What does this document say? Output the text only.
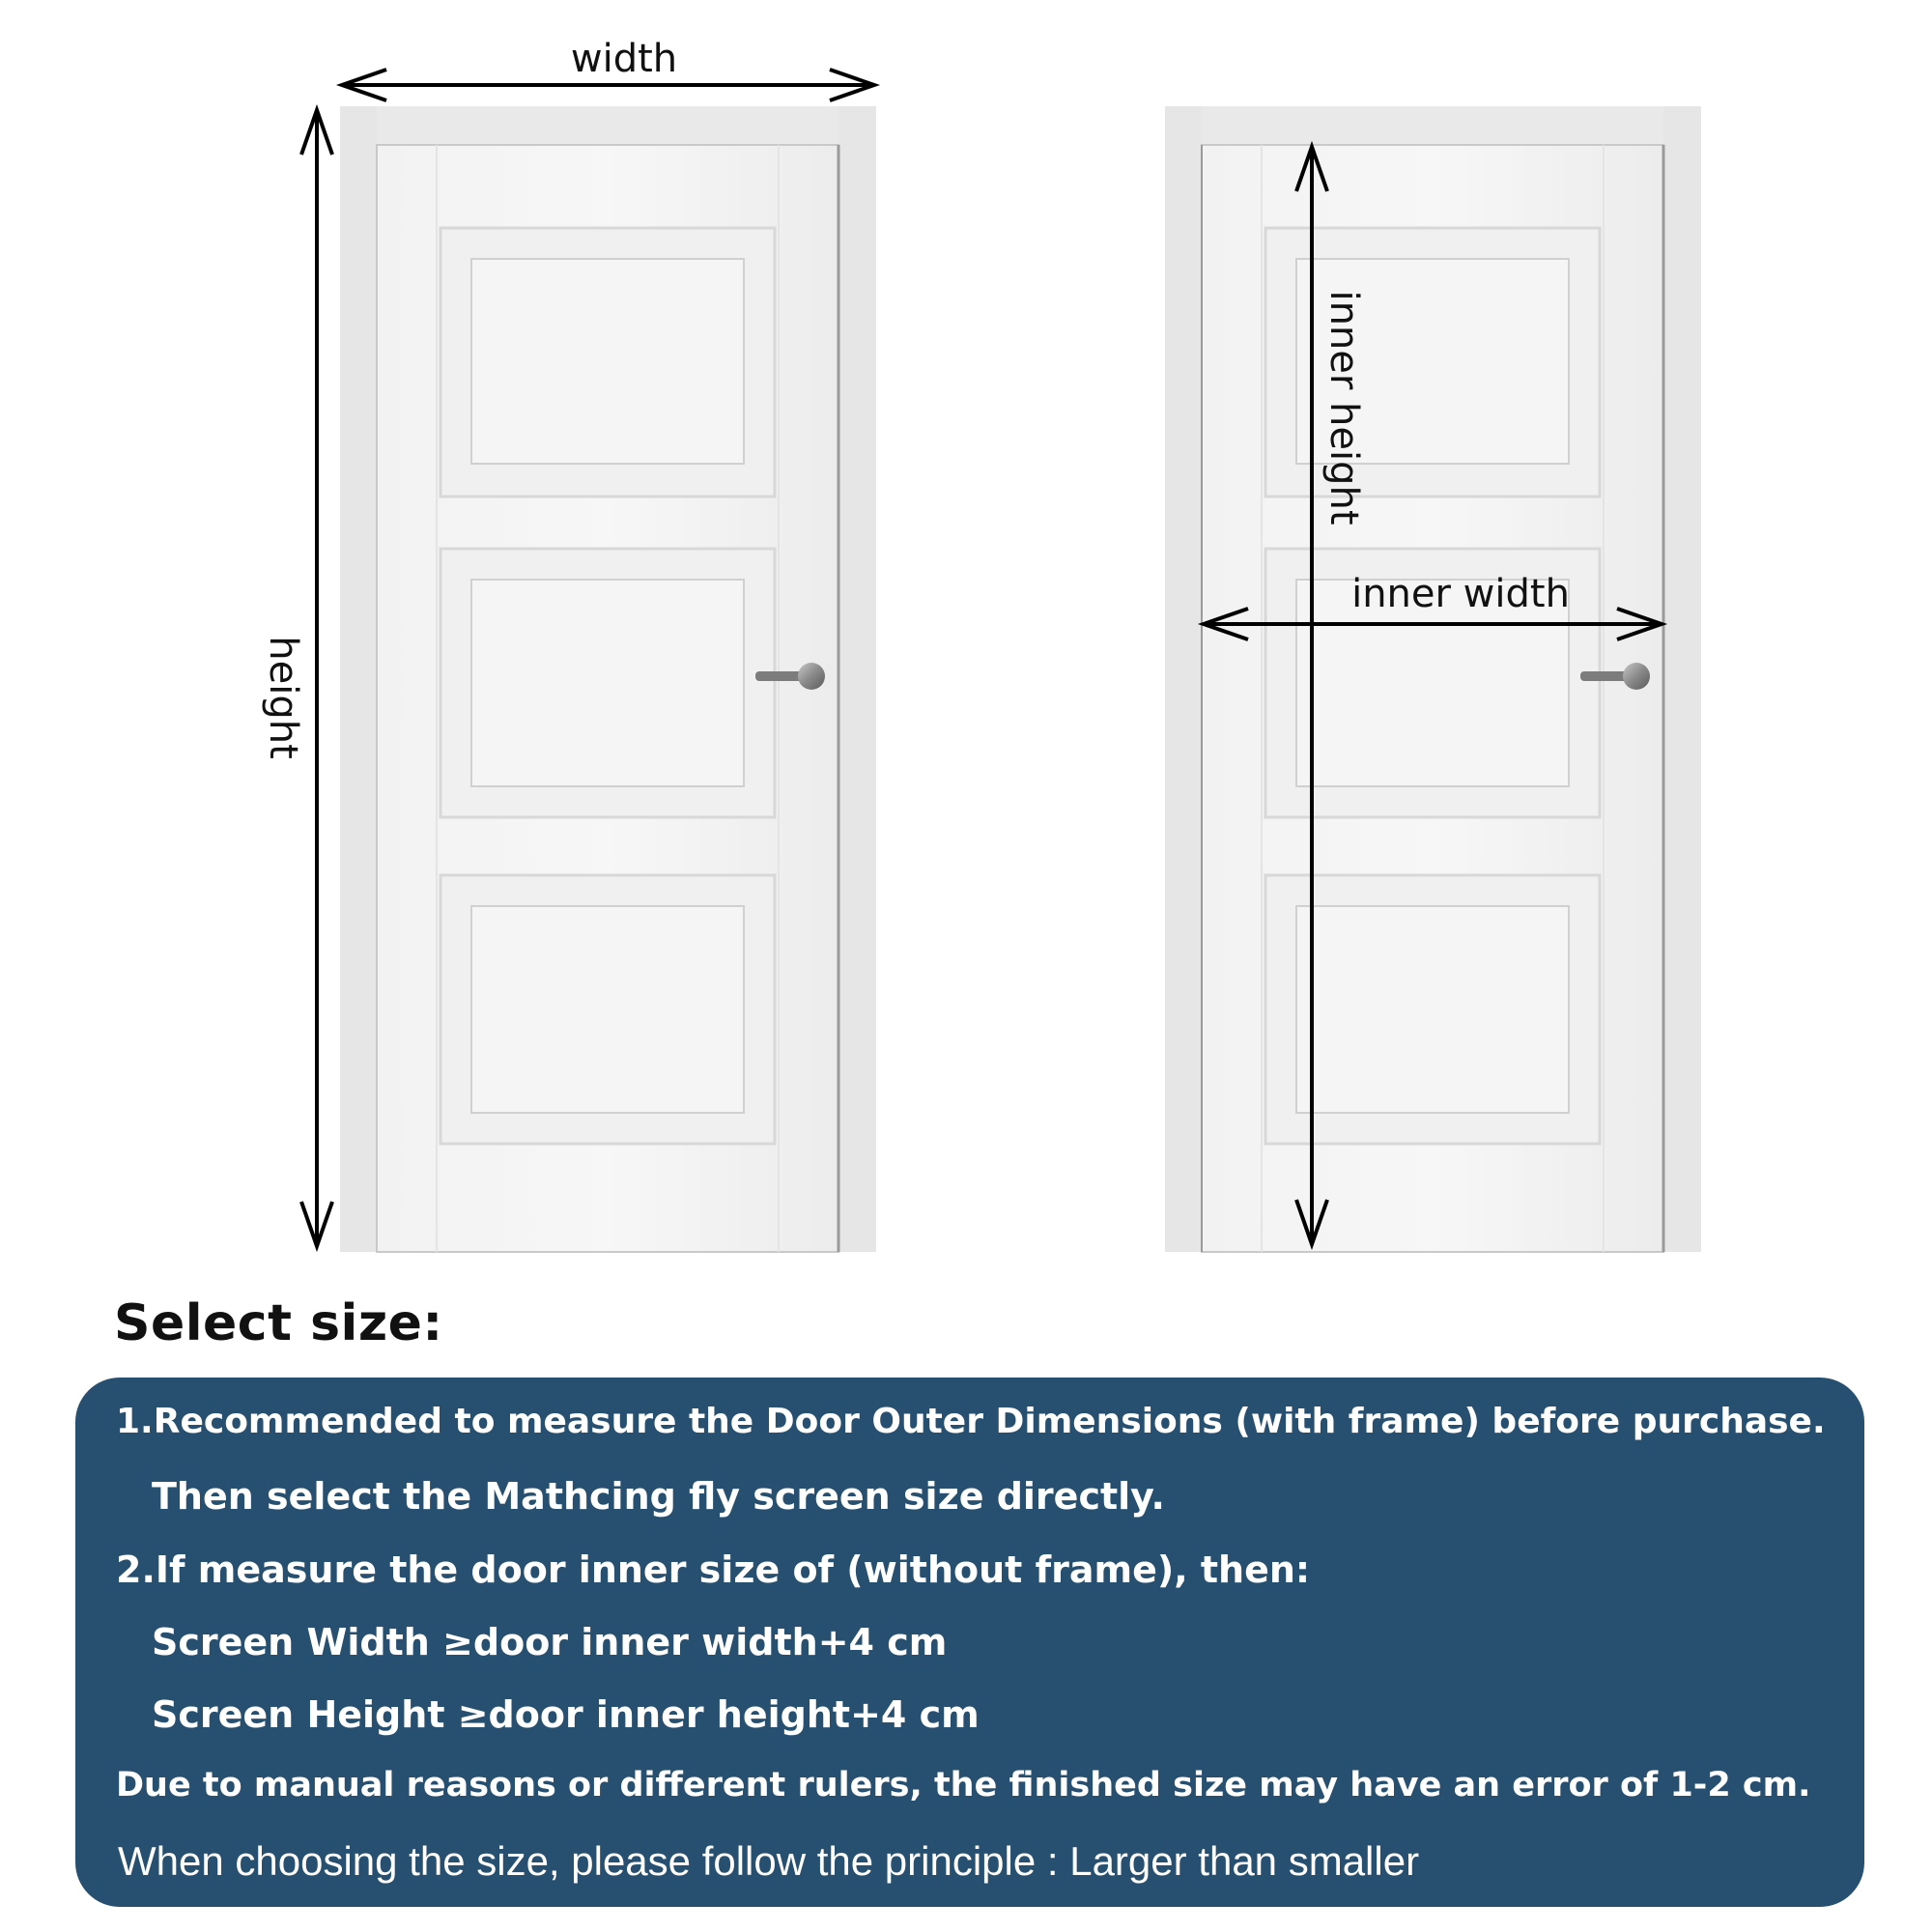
width
height
inner height
inner width
Select size:
1.Recommended to measure the Door Outer Dimensions (with frame) before purchase.
Then select the Mathcing fly screen size directly.
2.If measure the door inner size of (without frame), then:
Screen Width ≥door inner width+4 cm
Screen Height ≥door inner height+4 cm
Due to manual reasons or different rulers, the finished size may have an error of 1-2 cm.
When choosing the size, please follow the principle : Larger than smaller
